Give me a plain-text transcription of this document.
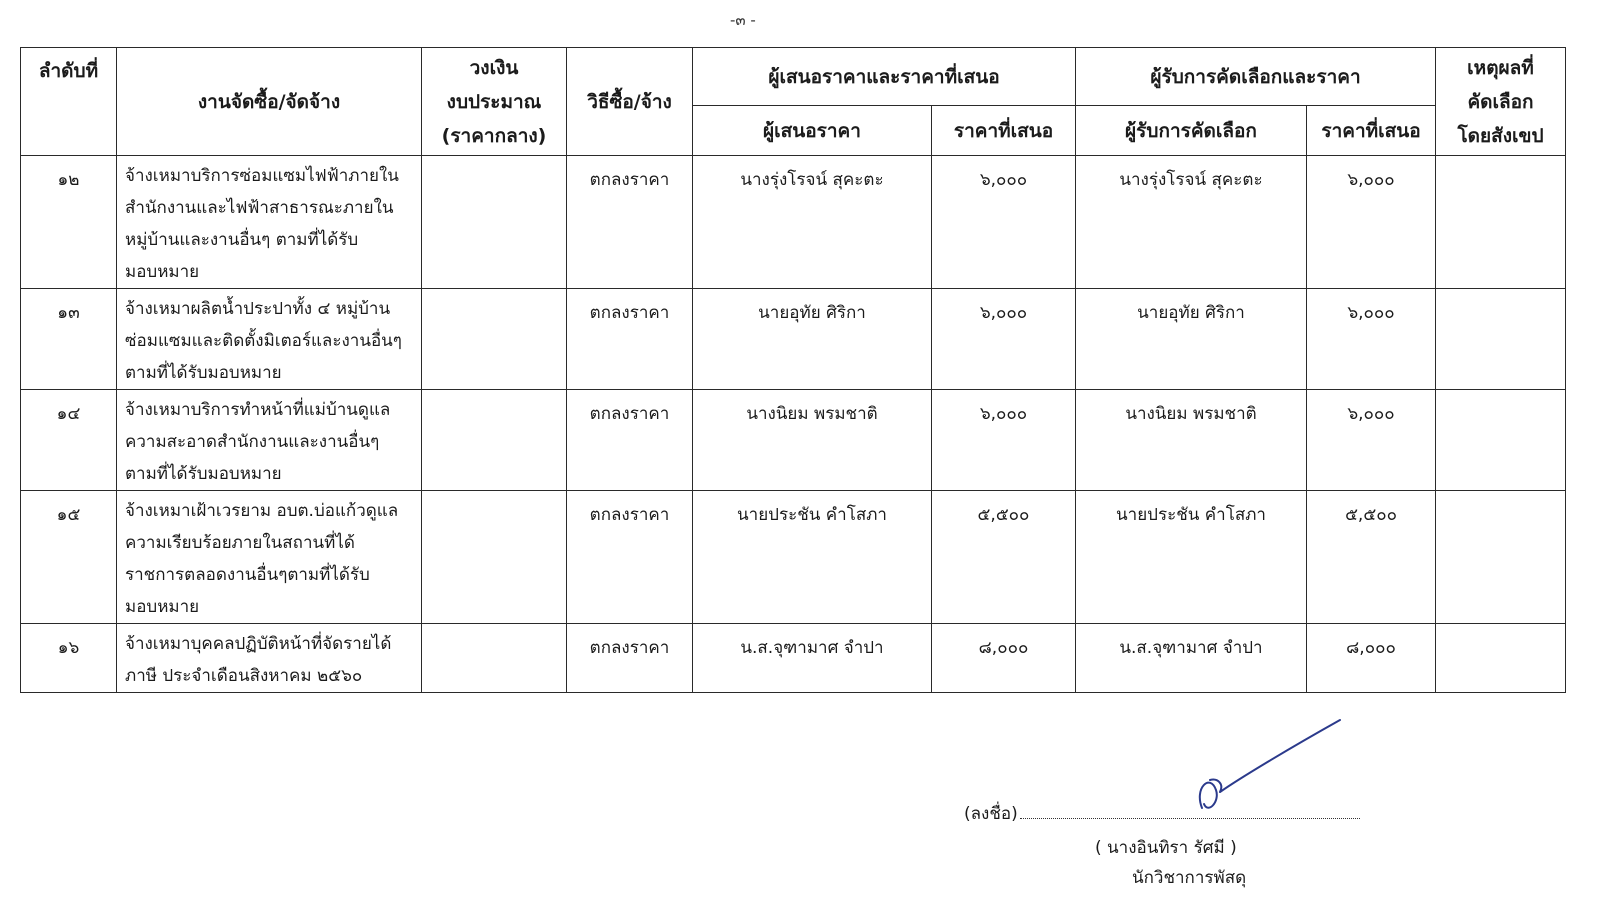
-๓ -
ลำดับที่	งานจัดซื้อ/จัดจ้าง	วงเงิน
งบประมาณ
(ราคากลาง)	วิธีซื้อ/จ้าง	ผู้เสนอราคาและราคาที่เสนอ		ผู้รับการคัดเลือกและราคา		เหตุผลที่
คัดเลือก
โดยสังเขป

				ผู้เสนอราคา	ราคาที่เสนอ	ผู้รับการคัดเลือก	ราคาที่เสนอ	
๑๒	จ้างเหมาบริการซ่อมแซมไฟฟ้าภายใน
สำนักงานและไฟฟ้าสาธารณะภายใน
หมู่บ้านและงานอื่นๆ ตามที่ได้รับ
มอบหมาย		ตกลงราคา	นางรุ่งโรจน์ สุคะตะ	๖,๐๐๐	นางรุ่งโรจน์ สุคะตะ	๖,๐๐๐	
๑๓	จ้างเหมาผลิตน้ำประปาทั้ง ๔ หมู่บ้าน
ซ่อมแซมและติดตั้งมิเตอร์และงานอื่นๆ
ตามที่ได้รับมอบหมาย		ตกลงราคา	นายอุทัย ศิริกา	๖,๐๐๐	นายอุทัย ศิริกา	๖,๐๐๐	
๑๔	จ้างเหมาบริการทำหน้าที่แม่บ้านดูแล
ความสะอาดสำนักงานและงานอื่นๆ
ตามที่ได้รับมอบหมาย		ตกลงราคา	นางนิยม พรมชาติ	๖,๐๐๐	นางนิยม พรมชาติ	๖,๐๐๐	
๑๕	จ้างเหมาเฝ้าเวรยาม อบต.บ่อแก้วดูแล
ความเรียบร้อยภายในสถานที่ได้
ราชการตลอดงานอื่นๆตามที่ได้รับ
มอบหมาย		ตกลงราคา	นายประชัน คำโสภา	๕,๕๐๐	นายประชัน คำโสภา	๕,๕๐๐	
๑๖	จ้างเหมาบุคคลปฏิบัติหน้าที่จัดรายได้
ภาษี ประจำเดือนสิงหาคม ๒๕๖๐		ตกลงราคา	น.ส.จุฑามาศ จำปา	๘,๐๐๐	น.ส.จุฑามาศ จำปา	๘,๐๐๐	
(ลงชื่อ)
( นางอินทิรา รัศมี )
นักวิชาการพัสดุ
